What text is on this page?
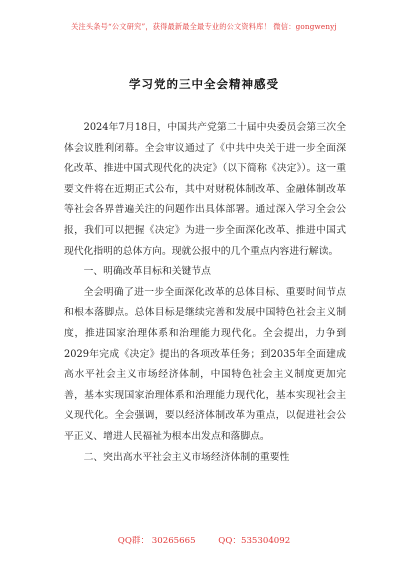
关注头条号“公文研究”，获得最新最全最专业的公文资料库！ 微信：gongwenyj
学习党的三中全会精神感受

2024年7月18日，中国共产党第二十届中央委员会第三次全体会议胜利闭幕。全会审议通过了《中共中央关于进一步全面深化改革、推进中国式现代化的决定》（以下简称《决定》）。这一重要文件将在近期正式公布，其中对财税体制改革、金融体制改革等社会各界普遍关注的问题作出具体部署。通过深入学习全会公报，我们可以把握《决定》为进一步全面深化改革、推进中国式现代化指明的总体方向。现就公报中的几个重点内容进行解读。

一、明确改革目标和关键节点

全会明确了进一步全面深化改革的总体目标、重要时间节点和根本落脚点。总体目标是继续完善和发展中国特色社会主义制度，推进国家治理体系和治理能力现代化。全会提出，力争到2029年完成《决定》提出的各项改革任务；到2035年全面建成高水平社会主义市场经济体制，中国特色社会主义制度更加完善，基本实现国家治理体系和治理能力现代化，基本实现社会主义现代化。全会强调，要以经济体制改革为重点，以促进社会公平正义、增进人民福祉为根本出发点和落脚点。

二、突出高水平社会主义市场经济体制的重要性

QQ群： 30265665	QQ：535304092
